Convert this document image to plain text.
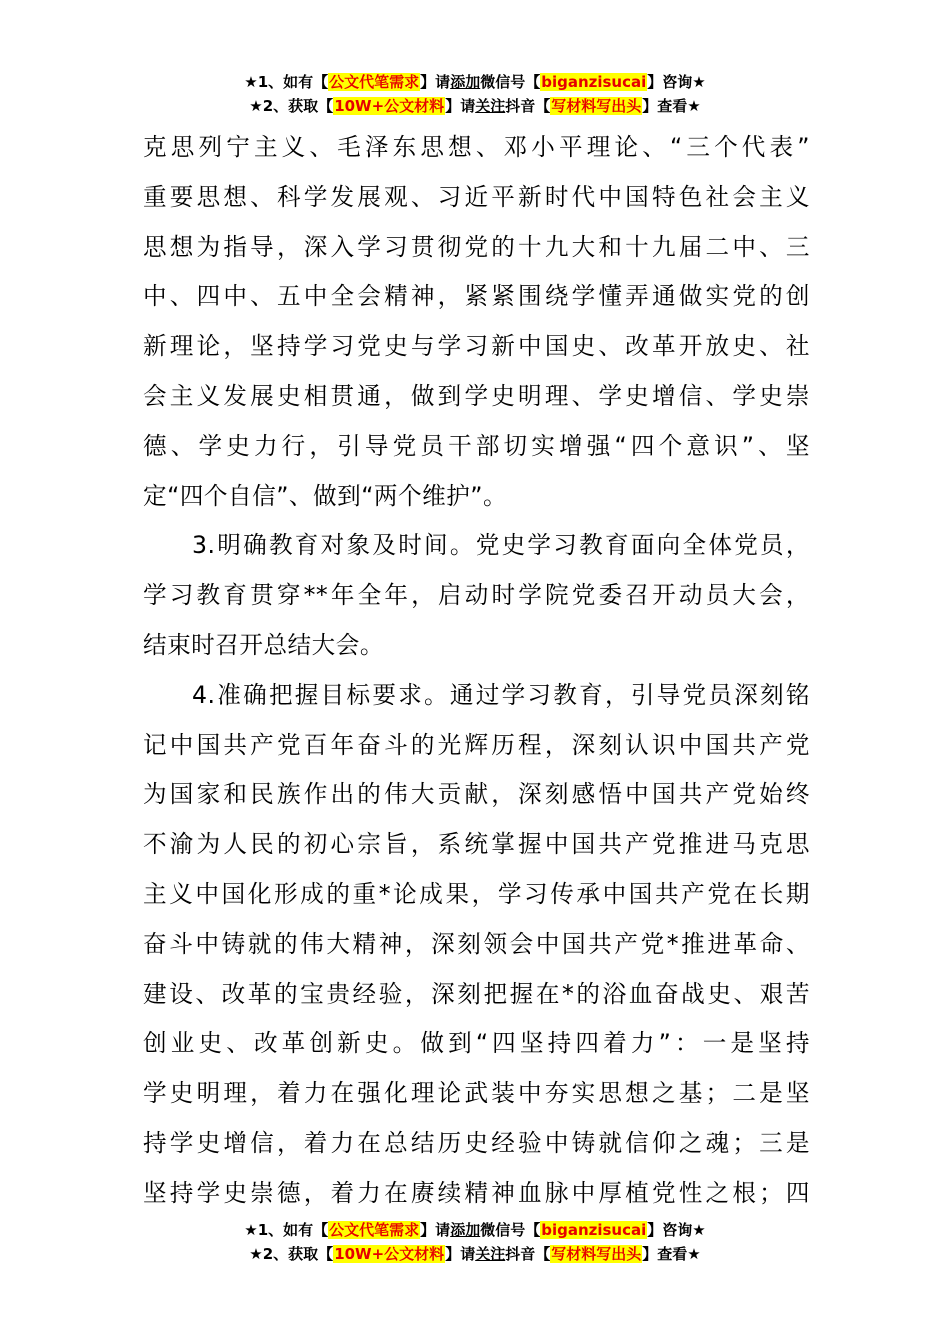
★1、如有【公文代笔需求】请添加微信号【biganzisucai】咨询★
★2、获取【10W+公文材料】请关注抖音【写材料写出头】查看★
克思列宁主义、毛泽东思想、邓小平理论、“三个代表”
重要思想、科学发展观、习近平新时代中国特色社会主义
思想为指导，深入学习贯彻党的十九大和十九届二中、三
中、四中、五中全会精神，紧紧围绕学懂弄通做实党的创
新理论，坚持学习党史与学习新中国史、改革开放史、社
会主义发展史相贯通，做到学史明理、学史增信、学史崇
德、学史力行，引导党员干部切实增强“四个意识”、坚
定“四个自信”、做到“两个维护”。
3.明确教育对象及时间。党史学习教育面向全体党员，
学习教育贯穿**年全年，启动时学院党委召开动员大会，
结束时召开总结大会。
4.准确把握目标要求。通过学习教育，引导党员深刻铭
记中国共产党百年奋斗的光辉历程，深刻认识中国共产党
为国家和民族作出的伟大贡献，深刻感悟中国共产党始终
不渝为人民的初心宗旨，系统掌握中国共产党推进马克思
主义中国化形成的重*论成果，学习传承中国共产党在长期
奋斗中铸就的伟大精神，深刻领会中国共产党*推进革命、
建设、改革的宝贵经验，深刻把握在*的浴血奋战史、艰苦
创业史、改革创新史。做到“四坚持四着力”：一是坚持
学史明理，着力在强化理论武装中夯实思想之基；二是坚
持学史增信，着力在总结历史经验中铸就信仰之魂；三是
坚持学史崇德，着力在赓续精神血脉中厚植党性之根；四
★1、如有【公文代笔需求】请添加微信号【biganzisucai】咨询★
★2、获取【10W+公文材料】请关注抖音【写材料写出头】查看★
